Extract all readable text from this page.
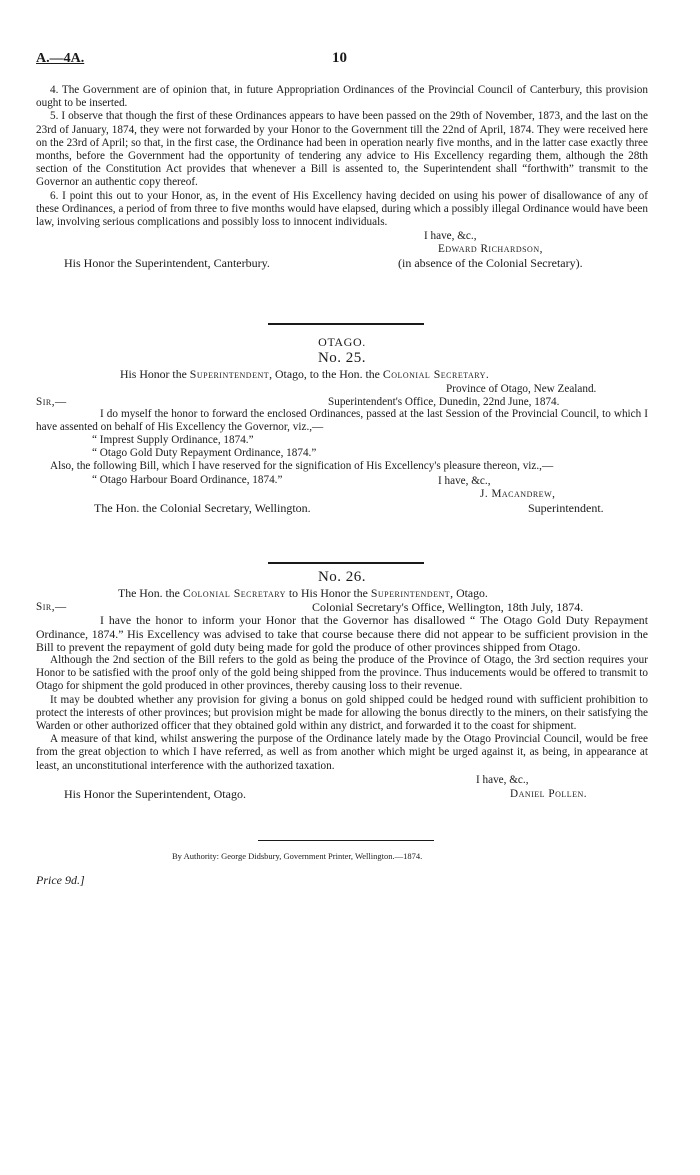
A.—4A.	10

4. The Government are of opinion that, in future Appropriation Ordinances of the Provincial Council of Canterbury, this provision ought to be inserted.

5. I observe that though the first of these Ordinances appears to have been passed on the 29th of November, 1873, and the last on the 23rd of January, 1874, they were not forwarded by your Honor to the Government till the 22nd of April, 1874. They were received here on the 23rd of April; so that, in the first case, the Ordinance had been in operation nearly five months, and in the latter case exactly three months, before the Government had the opportunity of tendering any advice to His Excellency regarding them, although the 28th section of the Constitution Act provides that whenever a Bill is assented to, the Superintendent shall “forthwith” transmit to the Governor an authentic copy thereof.

6. I point this out to your Honor, as, in the event of His Excellency having decided on using his power of disallowance of any of these Ordinances, a period of from three to five months would have elapsed, during which a possibly illegal Ordinance would have been law, involving serious complications and possibly loss to innocent individuals.

I have, &c.,
Edward Richardson,
(in absence of the Colonial Secretary).
His Honor the Superintendent, Canterbury.
OTAGO.
No. 25.
His Honor the Superintendent, Otago, to the Hon. the Colonial Secretary.
Province of Otago, New Zealand.
Sir,—	Superintendent's Office, Dunedin, 22nd June, 1874.

I do myself the honor to forward the enclosed Ordinances, passed at the last Session of the Provincial Council, to which I have assented on behalf of His Excellency the Governor, viz.,—

“ Imprest Supply Ordinance, 1874.”
“ Otago Gold Duty Repayment Ordinance, 1874.”

Also, the following Bill, which I have reserved for the signification of His Excellency's pleasure thereon, viz.,—

“ Otago Harbour Board Ordinance, 1874.”	I have, &c.,
J. Macandrew,
Superintendent.
The Hon. the Colonial Secretary, Wellington.
No. 26.
The Hon. the Colonial Secretary to His Honor the Superintendent, Otago.
Sir,—	Colonial Secretary's Office, Wellington, 18th July, 1874.

I have the honor to inform your Honor that the Governor has disallowed “ The Otago Gold Duty Repayment Ordinance, 1874.” His Excellency was advised to take that course because there did not appear to be sufficient provision in the Bill to prevent the repayment of gold duty being made for gold the produce of other provinces shipped from Otago.

Although the 2nd section of the Bill refers to the gold as being the produce of the Province of Otago, the 3rd section requires your Honor to be satisfied with the proof only of the gold being shipped from the province. Thus inducements would be offered to transmit to Otago for shipment the gold produced in other provinces, thereby causing loss to their revenue.

It may be doubted whether any provision for giving a bonus on gold shipped could be hedged round with sufficient prohibition to protect the interests of other provinces; but provision might be made for allowing the bonus directly to the miners, on their satisfying the Warden or other authorized officer that they obtained gold within any district, and forwarded it to the coast for shipment.

A measure of that kind, whilst answering the purpose of the Ordinance lately made by the Otago Provincial Council, would be free from the great objection to which I have referred, as well as from another which might be urged against it, as being, in appearance at least, an unconstitutional interference with the authorized taxation.

I have, &c.,
His Honor the Superintendent, Otago.	Daniel Pollen.
By Authority: George Didsbury, Government Printer, Wellington.—1874.
Price 9d.]
